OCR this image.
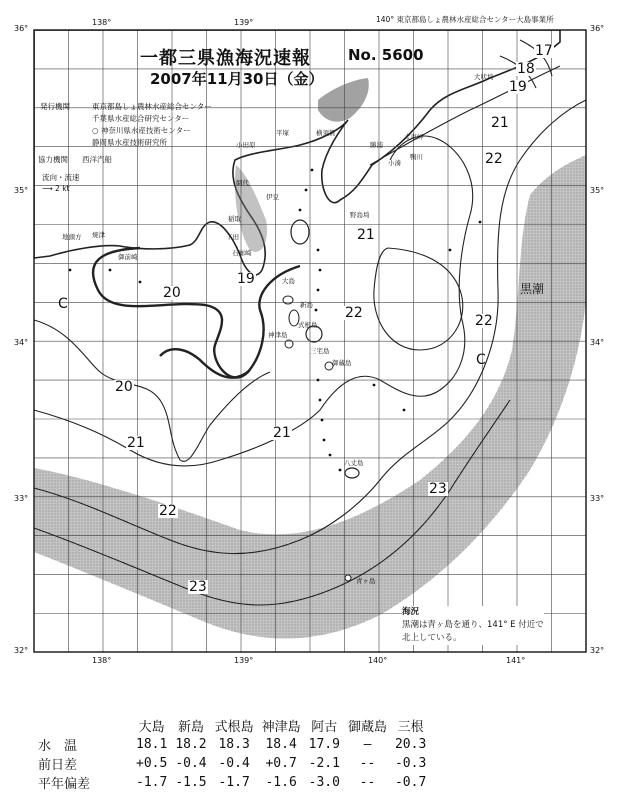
140° 東京都島しょ農林水産総合センター大島事業所
一都三県漁海況速報 No. 5600
2007年11月30日（金）
発行機関	東京都島しょ農林水産総合センター
千葉県水産総合研究センター
○ 神奈川県水産技術センター
静岡県水産技術研究所
協力機関 西洋汽船
流向・流速
⟶ 2 kt
138°	139°
138°	139°	140°	141°
36°
35°
34°
33°
32°
36°
35°
34°
33°
32°
黒潮
C
C
17
18
19
19
20
20
21
21
21
21
22
22	22
22
23
23
大吠埼
太東岬
小湊
鴨川
勝浦
平塚	横須賀
小田原
野島埼
伊豆
網代
稲取
下田
石廊崎
焼津
御前崎
地頭方
大島
新島
式根島
神津島
三宅島
御蔵島
八丈島
青ヶ島
海況
黒潮は青ヶ島を通り、141° E 付近で
北上している。
	大島	新島	式根島	神津島	阿古	御蔵島	三根
水　温	18.1	18.2	18.3	18.4	17.9	―	20.3
前日差	+0.5	-0.4	-0.4	+0.7	-2.1	--	-0.3
平年偏差	-1.7	-1.5	-1.7	-1.6	-3.0	--	-0.7
